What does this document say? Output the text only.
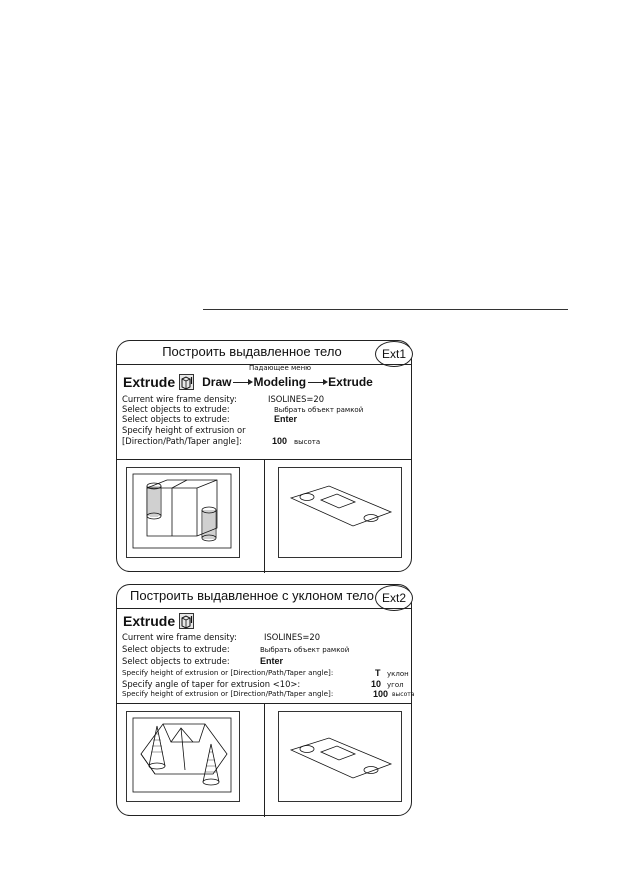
Построить выдавленное тело	Ext1
Падающее меню
Extrude Draw Modeling Extrude
Current wire frame density:	ISOLINES=20
Select objects to extrude:	Выбрать объект рамкой
Select objects to extrude:	Enter
Specify height of extrusion or
[Direction/Path/Taper angle]:	100 высота
Построить выдавленное с уклоном тело Ext2
Extrude
Current wire frame density:	ISOLINES=20
Select objects to extrude:	Выбрать объект рамкой
Select objects to extrude:	Enter
Specify height of extrusion or [Direction/Path/Taper angle]:	T уклон
Specify angle of taper for extrusion <10>:	10 угол
Specify height of extrusion or [Direction/Path/Taper angle]:	100 высота
